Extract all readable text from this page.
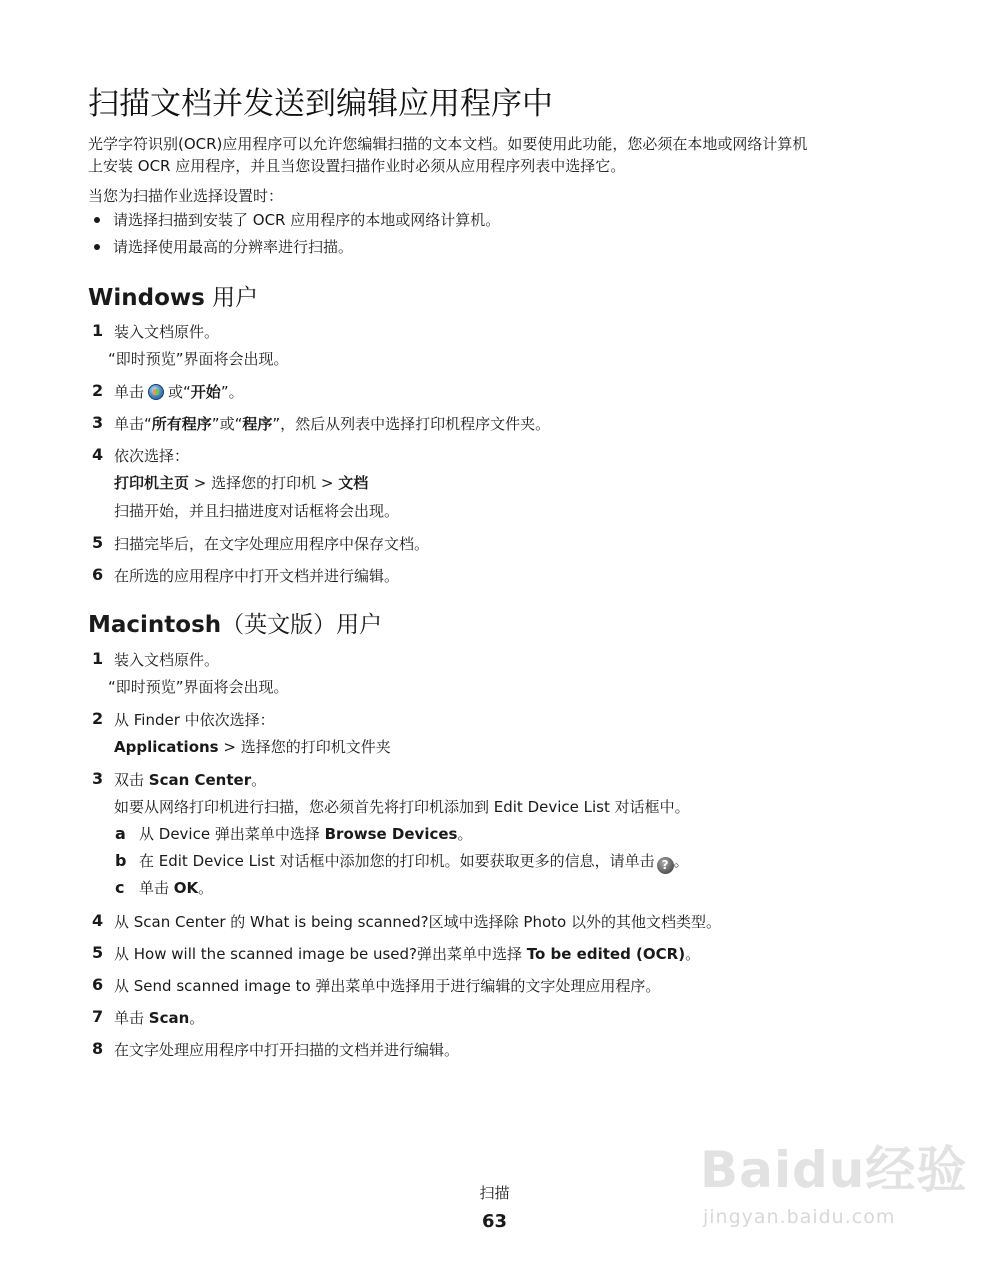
扫描文档并发送到编辑应用程序中
光学字符识别(OCR)应用程序可以允许您编辑扫描的文本文档。如要使用此功能，您必须在本地或网络计算机
上安装 OCR 应用程序，并且当您设置扫描作业时必须从应用程序列表中选择它。
当您为扫描作业选择设置时：
请选择扫描到安装了 OCR 应用程序的本地或网络计算机。
请选择使用最高的分辨率进行扫描。
Windows 用户
1 装入文档原件。
“即时预览”界面将会出现。
2 单击 或“开始”。
3 单击“所有程序”或“程序”，然后从列表中选择打印机程序文件夹。
4 依次选择：
打印机主页 > 选择您的打印机 > 文档
扫描开始，并且扫描进度对话框将会出现。
5 扫描完毕后，在文字处理应用程序中保存文档。
6 在所选的应用程序中打开文档并进行编辑。
Macintosh（英文版）用户
1 装入文档原件。
“即时预览”界面将会出现。
2 从 Finder 中依次选择：
Applications > 选择您的打印机文件夹
3 双击 Scan Center。
如要从网络打印机进行扫描，您必须首先将打印机添加到 Edit Device List 对话框中。
a 从 Device 弹出菜单中选择 Browse Devices。
b 在 Edit Device List 对话框中添加您的打印机。如要获取更多的信息，请单击 ? 。
c 单击 OK。
4 从 Scan Center 的 What is being scanned?区域中选择除 Photo 以外的其他文档类型。
5 从 How will the scanned image be used?弹出菜单中选择 To be edited (OCR)。
6 从 Send scanned image to 弹出菜单中选择用于进行编辑的文字处理应用程序。
7 单击 Scan。
8 在文字处理应用程序中打开扫描的文档并进行编辑。
扫描
63
Baidu经验
jingyan.baidu.com
